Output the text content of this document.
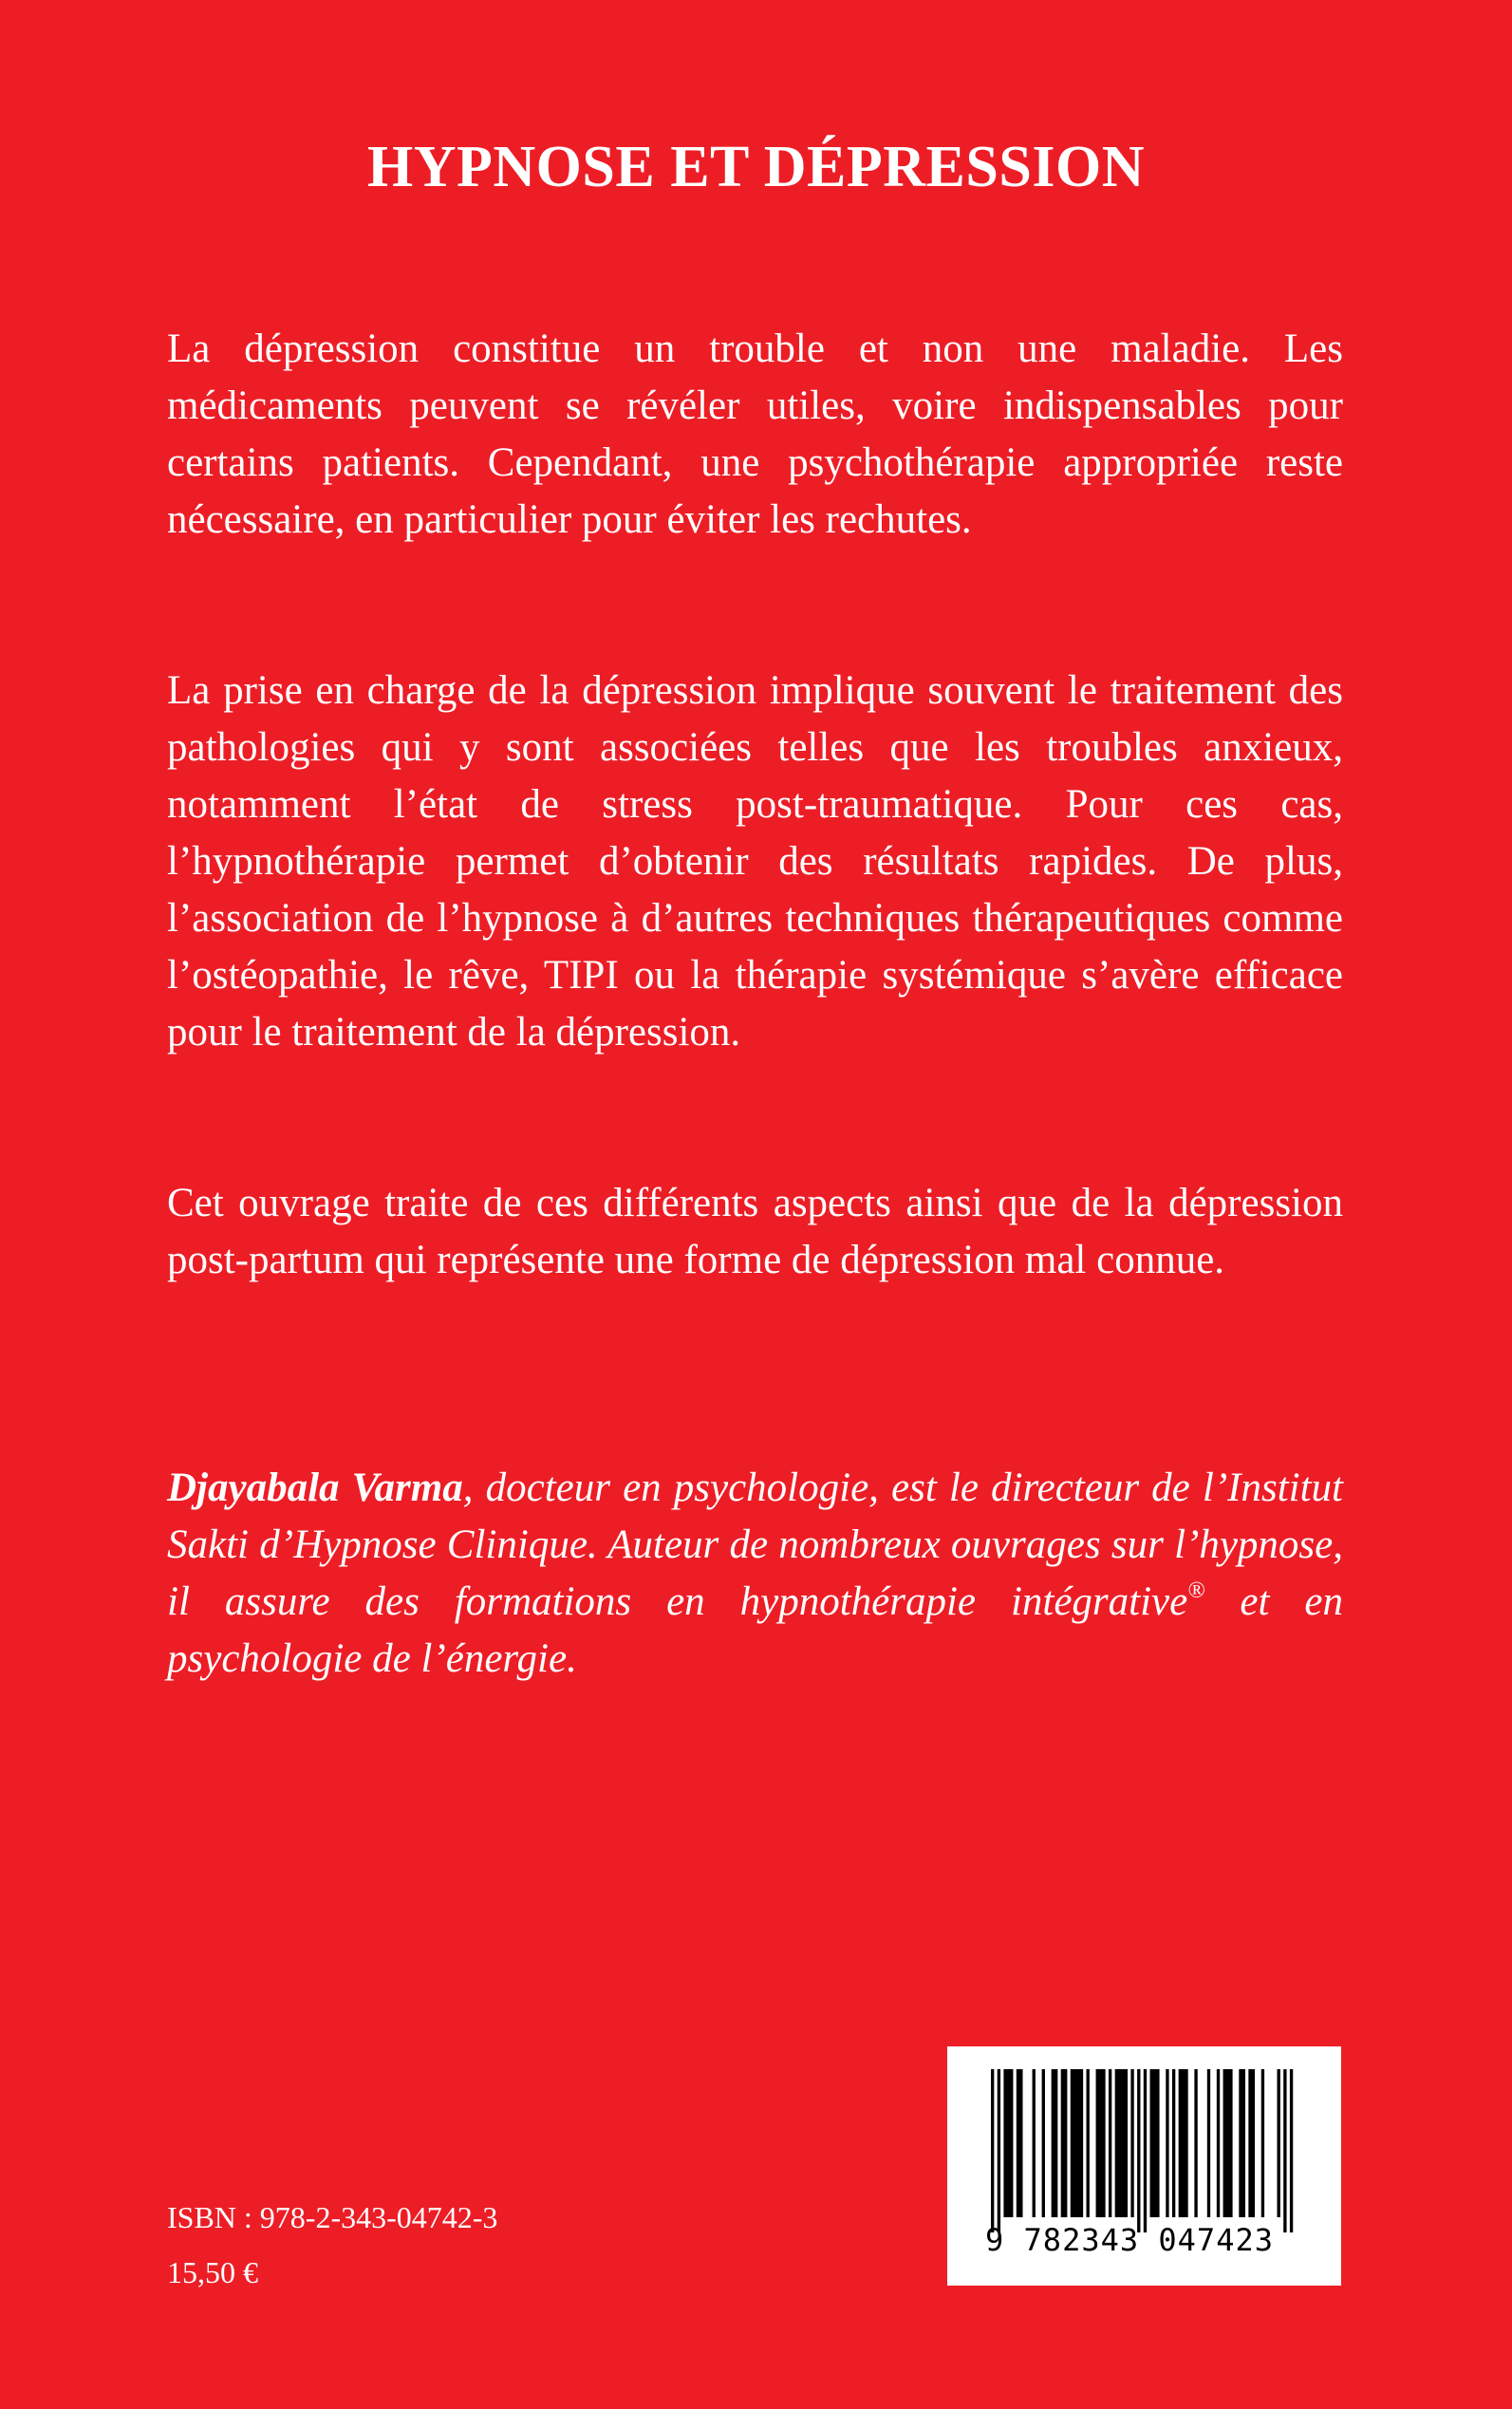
HYPNOSE ET DÉPRESSION

La dépression constitue un trouble et non une maladie. Les médicaments peuvent se révéler utiles, voire indispensables pour certains patients. Cependant, une psychothérapie appropriée reste nécessaire, en particulier pour éviter les rechutes.

La prise en charge de la dépression implique souvent le traitement des pathologies qui y sont associées telles que les troubles anxieux, notamment l’état de stress post-traumatique. Pour ces cas, l’hypnothérapie permet d’obtenir des résultats rapides. De plus, l’association de l’hypnose à d’autres techniques thérapeutiques comme l’ostéopathie, le rêve, TIPI ou la thérapie systémique s’avère efficace pour le traitement de la dépression.

Cet ouvrage traite de ces différents aspects ainsi que de la dépression post-partum qui représente une forme de dépression mal connue.

Djayabala Varma, docteur en psychologie, est le directeur de l’Institut Sakti d’Hypnose Clinique. Auteur de nombreux ouvrages sur l’hypnose, il assure des formations en hypnothérapie intégrative® et en psychologie de l’énergie.

ISBN : 978-2-343-04742-3

15,50 €

9 782343 047423
